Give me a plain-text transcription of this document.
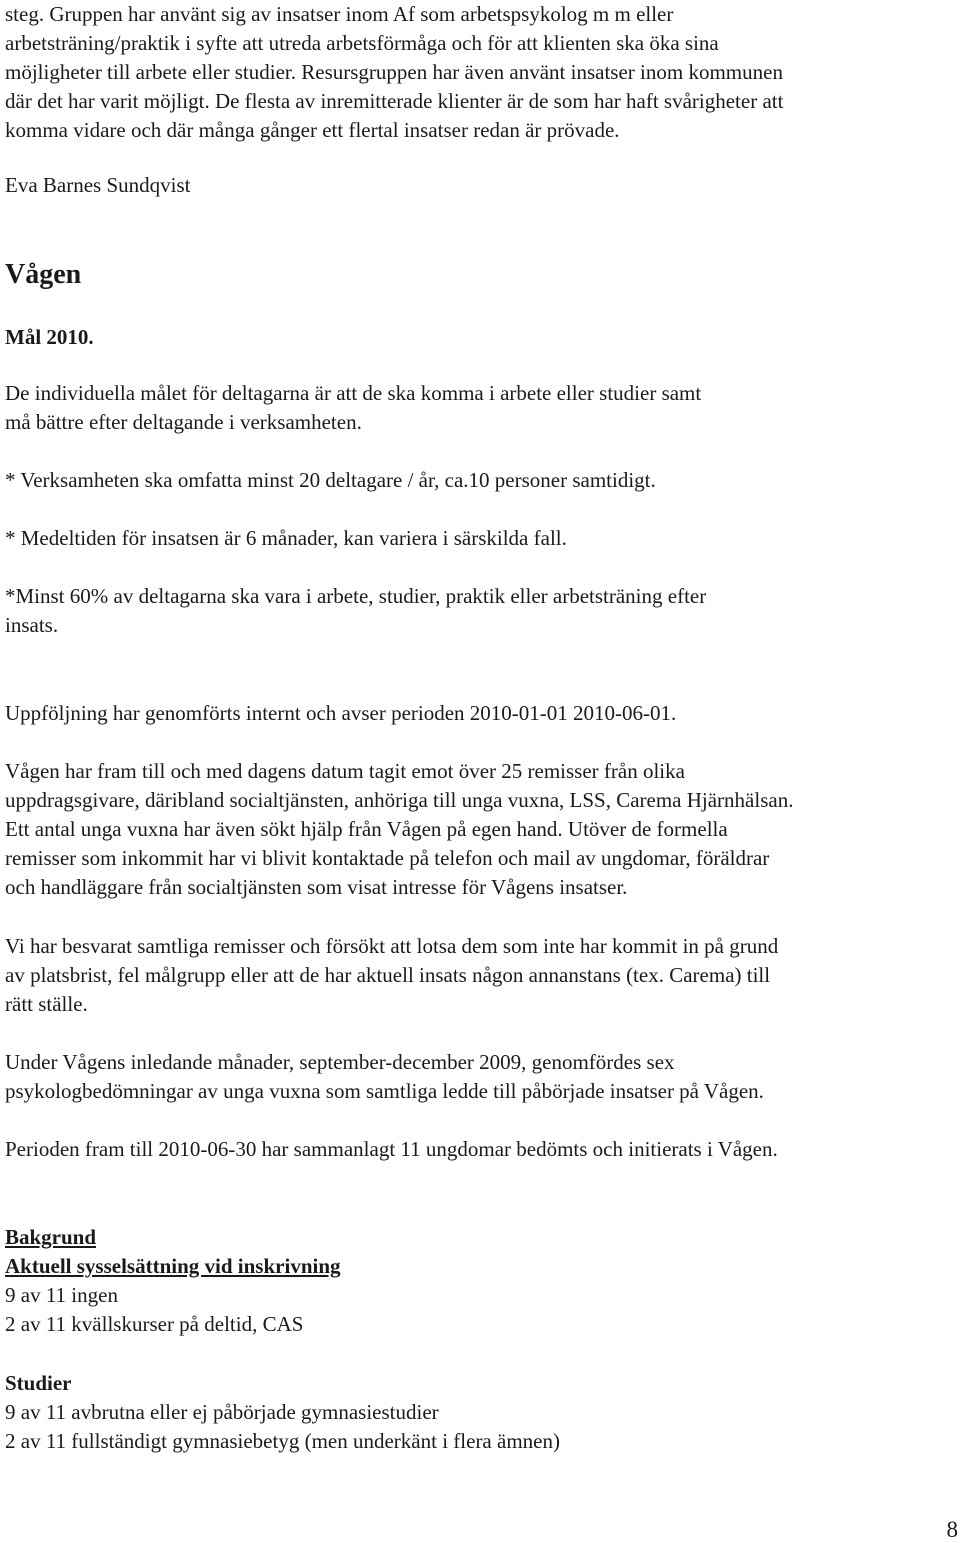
steg. Gruppen har använt sig av insatser inom Af som arbetspsykolog m m eller

arbetsträning/praktik i syfte att utreda arbetsförmåga och för att klienten ska öka sina

möjligheter till arbete eller studier. Resursgruppen har även använt insatser inom kommunen

där det har varit möjligt. De flesta av inremitterade klienter är de som har haft svårigheter att

komma vidare och där många gånger ett flertal insatser redan är prövade.

Eva Barnes Sundqvist

Vågen

Mål 2010.

De individuella målet för deltagarna är att de ska komma i arbete eller studier samt

må bättre efter deltagande i verksamheten.

* Verksamheten ska omfatta minst 20 deltagare / år, ca.10 personer samtidigt.

* Medeltiden för insatsen är 6 månader, kan variera i särskilda fall.

*Minst 60% av deltagarna ska vara i arbete, studier, praktik eller arbetsträning efter

insats.

Uppföljning har genomförts internt och avser perioden 2010-01-01 2010-06-01.

Vågen har fram till och med dagens datum tagit emot över 25 remisser från olika

uppdragsgivare, däribland socialtjänsten, anhöriga till unga vuxna, LSS, Carema Hjärnhälsan.

Ett antal unga vuxna har även sökt hjälp från Vågen på egen hand. Utöver de formella

remisser som inkommit har vi blivit kontaktade på telefon och mail av ungdomar, föräldrar

och handläggare från socialtjänsten som visat intresse för Vågens insatser.

Vi har besvarat samtliga remisser och försökt att lotsa dem som inte har kommit in på grund

av platsbrist, fel målgrupp eller att de har aktuell insats någon annanstans (tex. Carema) till

rätt ställe.

Under Vågens inledande månader, september-december 2009, genomfördes sex

psykologbedömningar av unga vuxna som samtliga ledde till påbörjade insatser på Vågen.

Perioden fram till 2010-06-30 har sammanlagt 11 ungdomar bedömts och initierats i Vågen.

Bakgrund

Aktuell sysselsättning vid inskrivning

9 av 11 ingen

2 av 11 kvällskurser på deltid, CAS

Studier

9 av 11 avbrutna eller ej påbörjade gymnasiestudier

2 av 11 fullständigt gymnasiebetyg (men underkänt i flera ämnen)

8
